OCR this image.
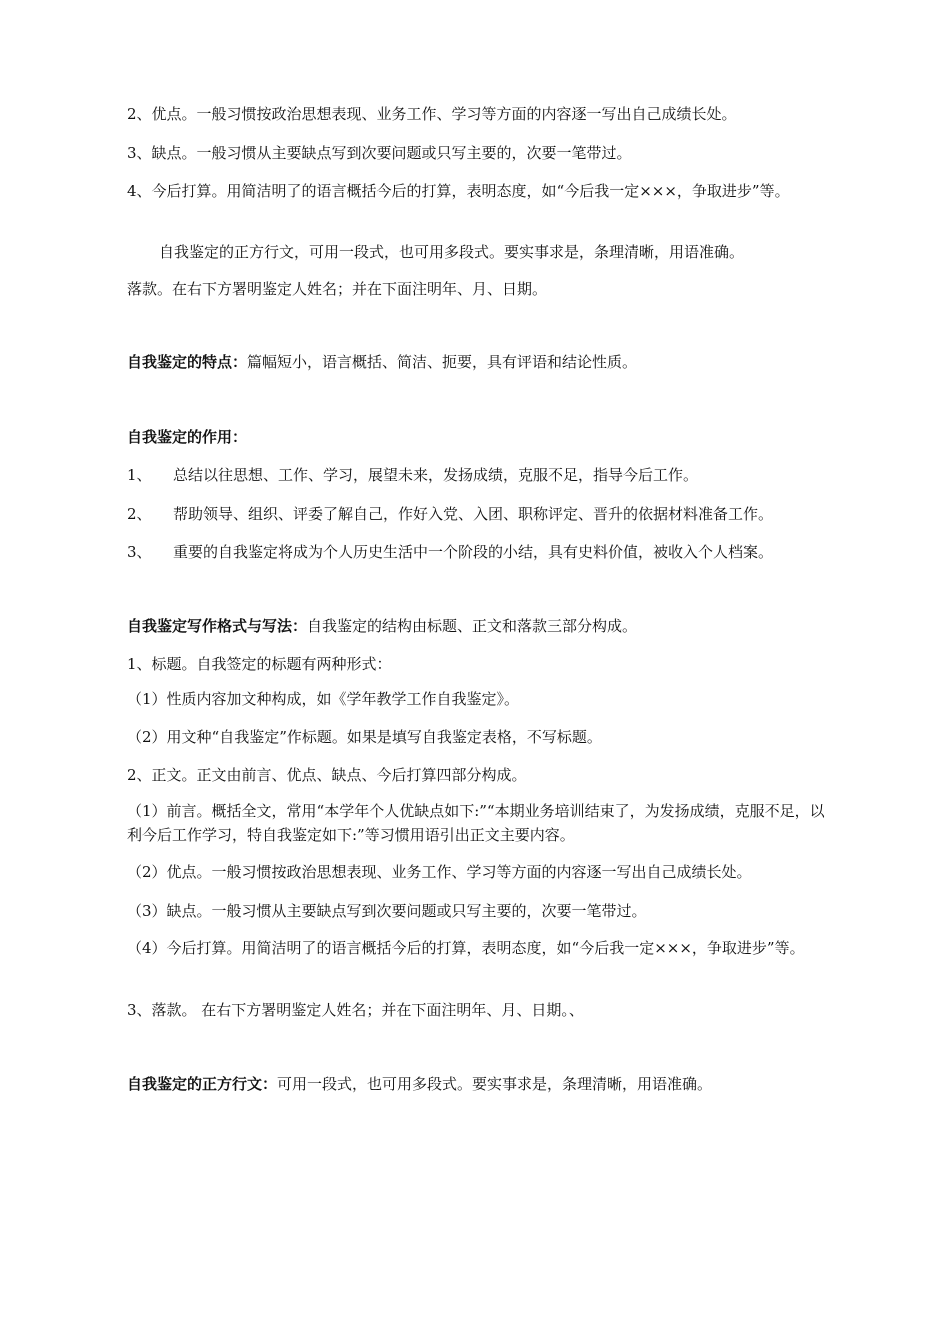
2、优点。一般习惯按政治思想表现、业务工作、学习等方面的内容逐一写出自己成绩长处。
3、缺点。一般习惯从主要缺点写到次要问题或只写主要的，次要一笔带过。
4、今后打算。用简洁明了的语言概括今后的打算，表明态度，如“今后我一定×××，争取进步”等。
自我鉴定的正方行文，可用一段式，也可用多段式。要实事求是，条理清晰，用语准确。
落款。在右下方署明鉴定人姓名；并在下面注明年、月、日期。
自我鉴定的特点：篇幅短小，语言概括、简洁、扼要，具有评语和结论性质。
自我鉴定的作用：
1、 总结以往思想、工作、学习，展望未来，发扬成绩，克服不足，指导今后工作。
2、 帮助领导、组织、评委了解自己，作好入党、入团、职称评定、晋升的依据材料准备工作。
3、 重要的自我鉴定将成为个人历史生活中一个阶段的小结，具有史料价值，被收入个人档案。
自我鉴定写作格式与写法：自我鉴定的结构由标题、正文和落款三部分构成。
1、标题。自我签定的标题有两种形式：
（1）性质内容加文种构成，如《学年教学工作自我鉴定》。
（2）用文种“自我鉴定”作标题。如果是填写自我鉴定表格，不写标题。
2、正文。正文由前言、优点、缺点、今后打算四部分构成。
（1）前言。概括全文，常用“本学年个人优缺点如下:”“本期业务培训结束了，为发扬成绩，克服不足，以利今后工作学习，特自我鉴定如下:”等习惯用语引出正文主要内容。
（2）优点。一般习惯按政治思想表现、业务工作、学习等方面的内容逐一写出自己成绩长处。
（3）缺点。一般习惯从主要缺点写到次要问题或只写主要的，次要一笔带过。
（4）今后打算。用简洁明了的语言概括今后的打算，表明态度，如“今后我一定×××，争取进步”等。
3、落款。 在右下方署明鉴定人姓名；并在下面注明年、月、日期。、
自我鉴定的正方行文：可用一段式，也可用多段式。要实事求是，条理清晰，用语准确。
